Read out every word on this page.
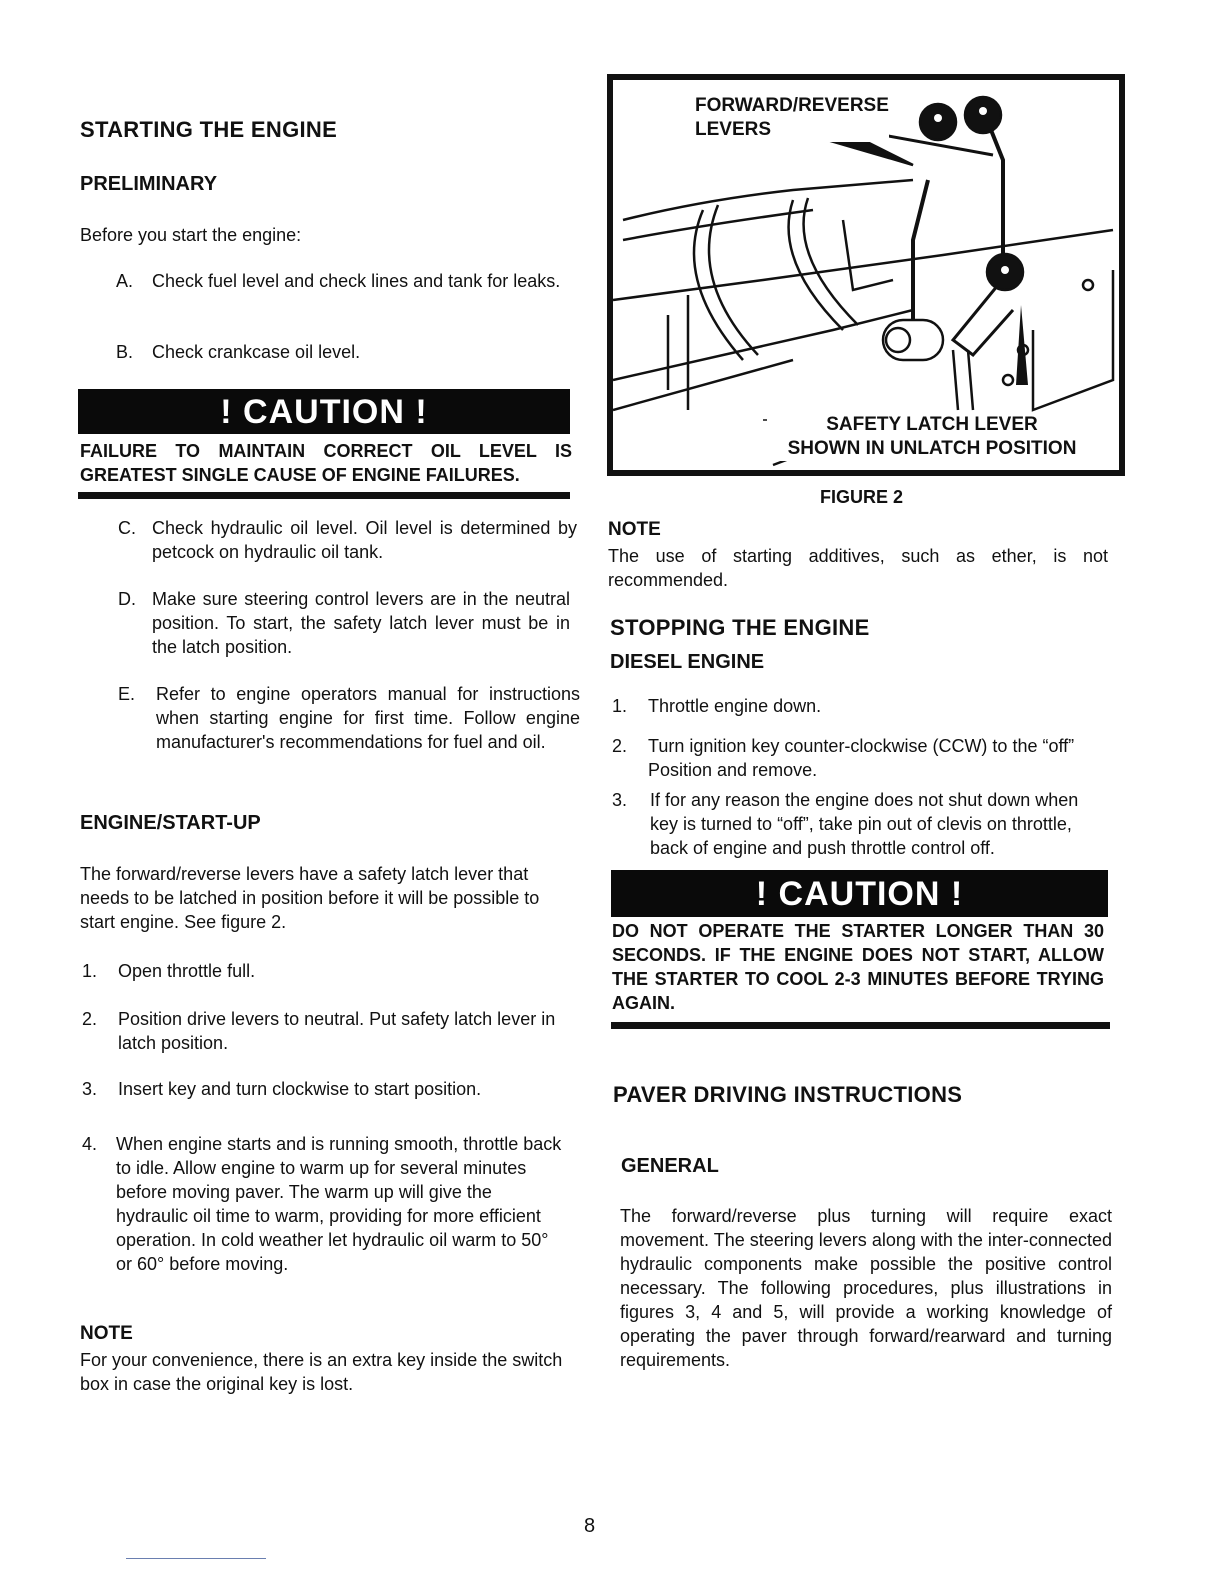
STARTING THE ENGINE
PRELIMINARY
Before you start the engine:
A. Check fuel level and check lines and tank for leaks.
B. Check crankcase oil level.
! CAUTION !
FAILURE TO MAINTAIN CORRECT OIL LEVEL IS GREATEST SINGLE CAUSE OF ENGINE FAILURES.
C. Check hydraulic oil level. Oil level is determined by petcock on hydraulic oil tank.
D. Make sure steering control levers are in the neutral position. To start, the safety latch lever must be in the latch position.
E. Refer to engine operators manual for instructions when starting engine for first time. Follow engine manufacturer's recommendations for fuel and oil.
ENGINE/START-UP
The forward/reverse levers have a safety latch lever that needs to be latched in position before it will be possible to start engine. See figure 2.
1. Open throttle full.
2. Position drive levers to neutral. Put safety latch lever in latch position.
3. Insert key and turn clockwise to start position.
4. When engine starts and is running smooth, throttle back to idle. Allow engine to warm up for several minutes before moving paver. The warm up will give the hydraulic oil time to warm, providing for more efficient operation. In cold weather let hydraulic oil warm to 50° or 60° before moving.
NOTE
For your convenience, there is an extra key inside the switch box in case the original key is lost.
FORWARD/REVERSE
LEVERS
SAFETY LATCH LEVER
SHOWN IN UNLATCH POSITION
FIGURE 2
NOTE
The use of starting additives, such as ether, is not recommended.
STOPPING THE ENGINE
DIESEL ENGINE
1. Throttle engine down.
2. Turn ignition key counter-clockwise (CCW) to the “off” Position and remove.
3. If for any reason the engine does not shut down when key is turned to “off”, take pin out of clevis on throttle, back of engine and push throttle control off.
! CAUTION !
DO NOT OPERATE THE STARTER LONGER THAN 30 SECONDS. IF THE ENGINE DOES NOT START, ALLOW THE STARTER TO COOL 2-3 MINUTES BEFORE TRYING AGAIN.
PAVER DRIVING INSTRUCTIONS
GENERAL
The forward/reverse plus turning will require exact movement. The steering levers along with the inter-connected hydraulic components make possible the positive control necessary. The following procedures, plus illustrations in figures 3, 4 and 5, will provide a working knowledge of operating the paver through forward/rearward and turning requirements.
8
